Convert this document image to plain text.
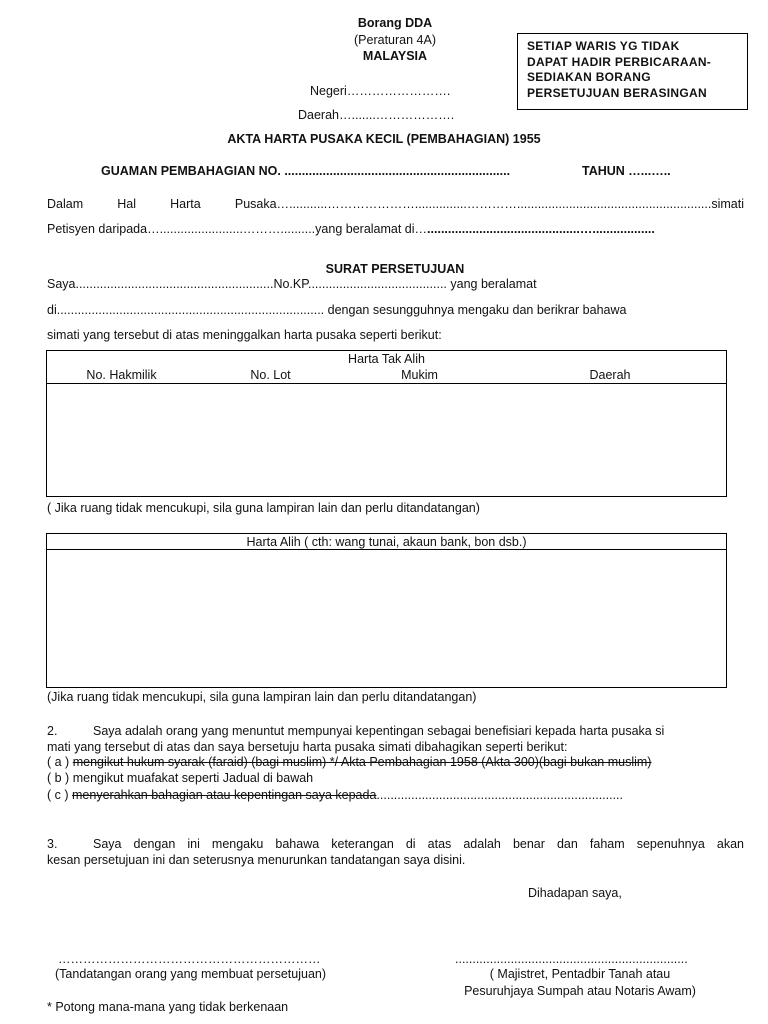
Borang DDA
(Peraturan 4A)
MALAYSIA
Negeri…………………….
Daerah….......……………….
SETIAP WARIS YG TIDAK
DAPAT HADIR PERBICARAAN-
SEDIAKAN BORANG
PERSETUJUAN BERASINGAN
AKTA HARTA PUSAKA KECIL (PEMBAHAGIAN) 1955
GUAMAN PEMBAHAGIAN NO. .................................................................	TAHUN …...…..
Dalam Hal Harta Pusaka…...........…………………...............…………........................................................simati
Petisyen daripada…........................………..........yang beralamat di…............................................…..................
SURAT PERSETUJUAN
Saya.........................................................No.KP........................................ yang beralamat
di............................................................................. dengan sesungguhnya mengaku dan berikrar bahawa
simati yang tersebut di atas meninggalkan harta pusaka seperti berikut:
Harta Tak Alih
No. Hakmilik	No. Lot	Mukim	Daerah

( Jika ruang tidak mencukupi, sila guna lampiran lain dan perlu ditandatangan)
Harta Alih ( cth: wang tunai, akaun bank, bon dsb.)

(Jika ruang tidak mencukupi, sila guna lampiran lain dan perlu ditandatangan)
2.	Saya adalah orang yang menuntut mempunyai kepentingan sebagai benefisiari kepada harta pusaka si
mati yang tersebut di atas dan saya bersetuju harta pusaka simati dibahagikan seperti berikut:
( a ) mengikut hukum syarak (faraid) (bagi muslim) */ Akta Pembahagian 1958 (Akta 300)(bagi bukan muslim)
( b ) mengikut muafakat seperti Jadual di bawah
( c ) menyerahkan bahagian atau kepentingan saya kepada.......................................................................
3.	Saya dengan ini mengaku bahawa keterangan di atas adalah benar dan faham sepenuhnya akan
kesan persetujuan ini dan seterusnya menurunkan tandatangan saya disini.
Dihadapan saya,
………………………………………………………
(Tandatangan orang yang membuat persetujuan)
...................................................................
( Majistret, Pentadbir Tanah atau
Pesuruhjaya Sumpah atau Notaris Awam)
* Potong mana-mana yang tidak berkenaan
